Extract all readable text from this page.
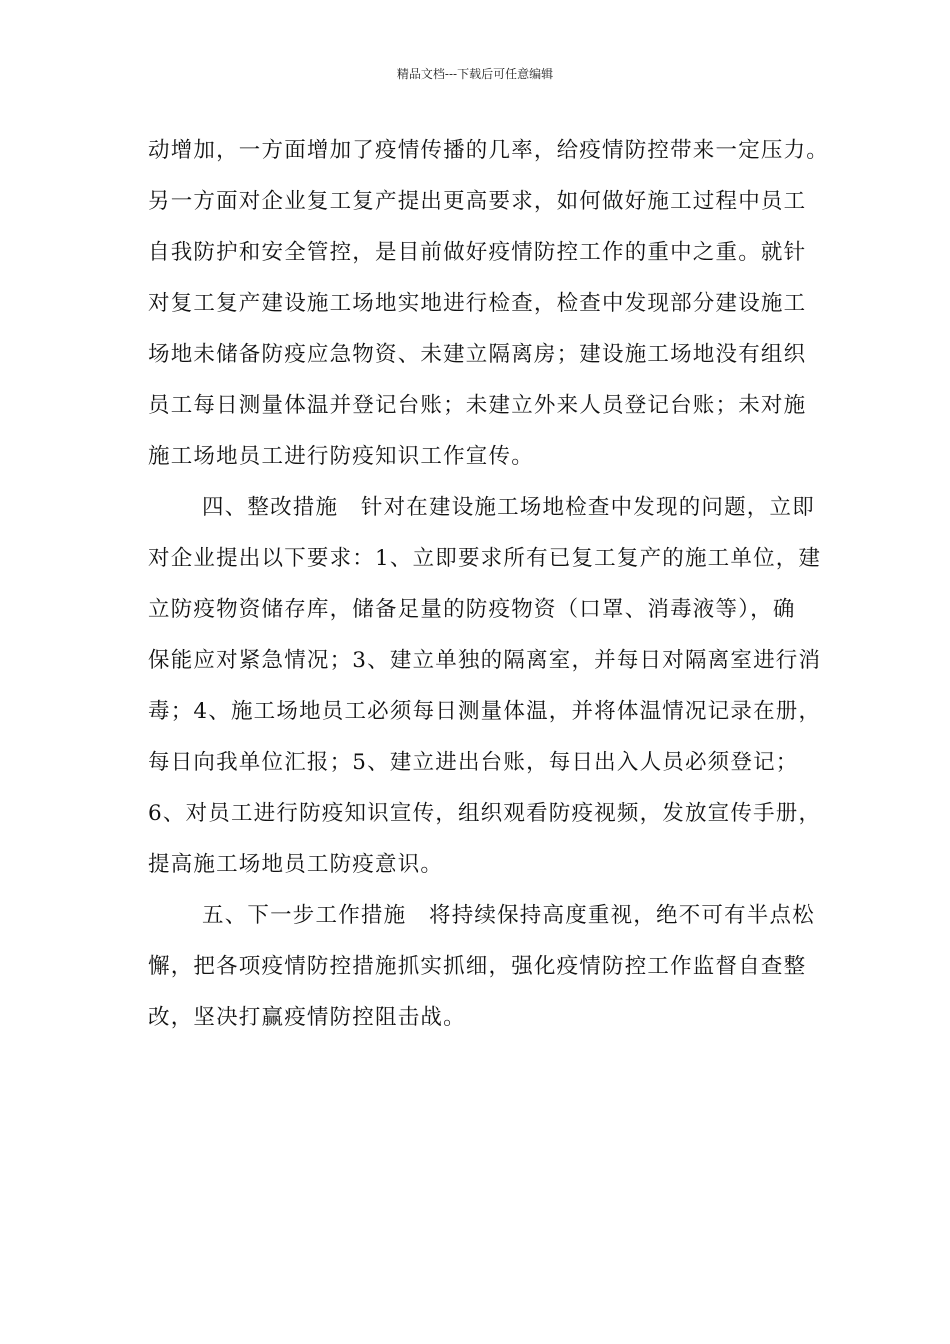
精品文档---下载后可任意编辑
动增加，一方面增加了疫情传播的几率，给疫情防控带来一定压力。
另一方面对企业复工复产提出更高要求，如何做好施工过程中员工
自我防护和安全管控，是目前做好疫情防控工作的重中之重。就针
对复工复产建设施工场地实地进行检查，检查中发现部分建设施工
场地未储备防疫应急物资、未建立隔离房；建设施工场地没有组织
员工每日测量体温并登记台账；未建立外来人员登记台账；未对施
施工场地员工进行防疫知识工作宣传。
四、整改措施　针对在建设施工场地检查中发现的问题，立即
对企业提出以下要求：1、立即要求所有已复工复产的施工单位，建
立防疫物资储存库，储备足量的防疫物资（口罩、消毒液等），确
保能应对紧急情况；3、建立单独的隔离室，并每日对隔离室进行消
毒；4、施工场地员工必须每日测量体温，并将体温情况记录在册，
每日向我单位汇报；5、建立进出台账，每日出入人员必须登记；
6、对员工进行防疫知识宣传，组织观看防疫视频，发放宣传手册，
提高施工场地员工防疫意识。
五、下一步工作措施　将持续保持高度重视，绝不可有半点松
懈，把各项疫情防控措施抓实抓细，强化疫情防控工作监督自查整
改，坚决打赢疫情防控阻击战。
